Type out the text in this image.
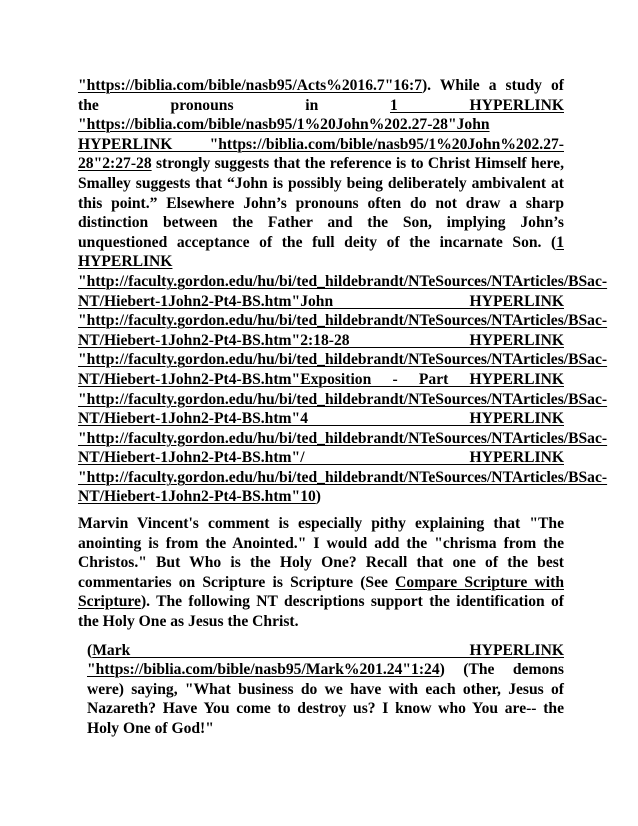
"https://biblia.com/bible/nasb95/Acts%2016.7"16:7). While a study of the pronouns in 1 HYPERLINK "https://biblia.com/bible/nasb95/1%20John%202.27-28"John HYPERLINK "https://biblia.com/bible/nasb95/1%20John%202.27-28"2:27-28 strongly suggests that the reference is to Christ Himself here, Smalley suggests that “John is possibly being deliberately ambivalent at this point.” Elsewhere John’s pronouns often do not draw a sharp distinction between the Father and the Son, implying John’s unquestioned acceptance of the full deity of the incarnate Son. (1 HYPERLINK "http://faculty.gordon.edu/hu/bi/ted_hildebrandt/NTeSources/NTArticles/BSac-NT/Hiebert-1John2-Pt4-BS.htm"John HYPERLINK "http://faculty.gordon.edu/hu/bi/ted_hildebrandt/NTeSources/NTArticles/BSac-NT/Hiebert-1John2-Pt4-BS.htm"2:18-28 HYPERLINK "http://faculty.gordon.edu/hu/bi/ted_hildebrandt/NTeSources/NTArticles/BSac-NT/Hiebert-1John2-Pt4-BS.htm"Exposition - Part HYPERLINK "http://faculty.gordon.edu/hu/bi/ted_hildebrandt/NTeSources/NTArticles/BSac-NT/Hiebert-1John2-Pt4-BS.htm"4 HYPERLINK "http://faculty.gordon.edu/hu/bi/ted_hildebrandt/NTeSources/NTArticles/BSac-NT/Hiebert-1John2-Pt4-BS.htm"/ HYPERLINK "http://faculty.gordon.edu/hu/bi/ted_hildebrandt/NTeSources/NTArticles/BSac-NT/Hiebert-1John2-Pt4-BS.htm"10)

Marvin Vincent's comment is especially pithy explaining that "The anointing is from the Anointed." I would add the "chrisma from the Christos." But Who is the Holy One? Recall that one of the best commentaries on Scripture is Scripture (See Compare Scripture with Scripture). The following NT descriptions support the identification of the Holy One as Jesus the Christ.

(Mark HYPERLINK "https://biblia.com/bible/nasb95/Mark%201.24"1:24) (The demons were) saying, "What business do we have with each other, Jesus of Nazareth? Have You come to destroy us? I know who You are-- the Holy One of God!"
